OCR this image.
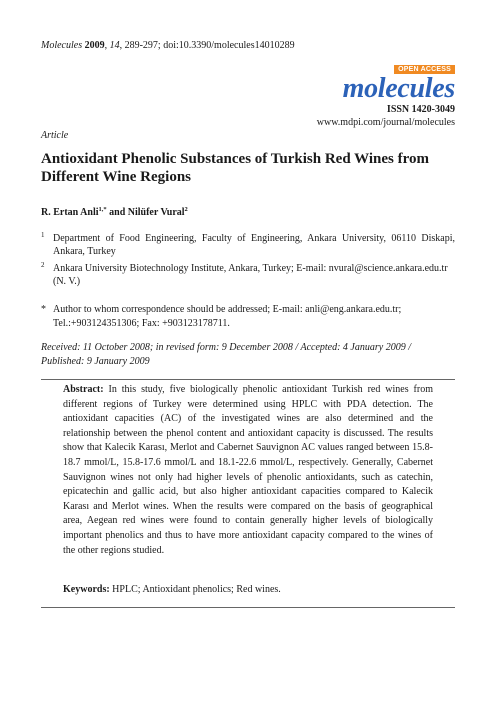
Molecules 2009, 14, 289-297; doi:10.3390/molecules14010289
OPEN ACCESS
molecules
ISSN 1420-3049
www.mdpi.com/journal/molecules
Article
Antioxidant Phenolic Substances of Turkish Red Wines from Different Wine Regions
R. Ertan Anli$^{1,*}$ and Nilüfer Vural$^2$
1 Department of Food Engineering, Faculty of Engineering, Ankara University, 06110 Diskapi, Ankara, Turkey
2 Ankara University Biotechnology Institute, Ankara, Turkey; E-mail: nvural@science.ankara.edu.tr (N. V.)
* Author to whom correspondence should be addressed; E-mail: anli@eng.ankara.edu.tr; Tel.:+903124351306; Fax: +903123178711.
Received: 11 October 2008; in revised form: 9 December 2008 / Accepted: 4 January 2009 / Published: 9 January 2009

Abstract: In this study, five biologically phenolic antioxidant Turkish red wines from different regions of Turkey were determined using HPLC with PDA detection. The antioxidant capacities (AC) of the investigated wines are also determined and the relationship between the phenol content and antioxidant capacity is discussed. The results show that Kalecik Karası, Merlot and Cabernet Sauvignon AC values ranged between 15.8-18.7 mmol/L, 15.8-17.6 mmol/L and 18.1-22.6 mmol/L, respectively. Generally, Cabernet Sauvignon wines not only had higher levels of phenolic antioxidants, such as catechin, epicatechin and gallic acid, but also higher antioxidant capacities compared to Kalecik Karası and Merlot wines. When the results were compared on the basis of geographical area, Aegean red wines were found to contain generally higher levels of biologically important phenolics and thus to have more antioxidant capacity compared to the wines of the other regions studied.

Keywords: HPLC; Antioxidant phenolics; Red wines.
